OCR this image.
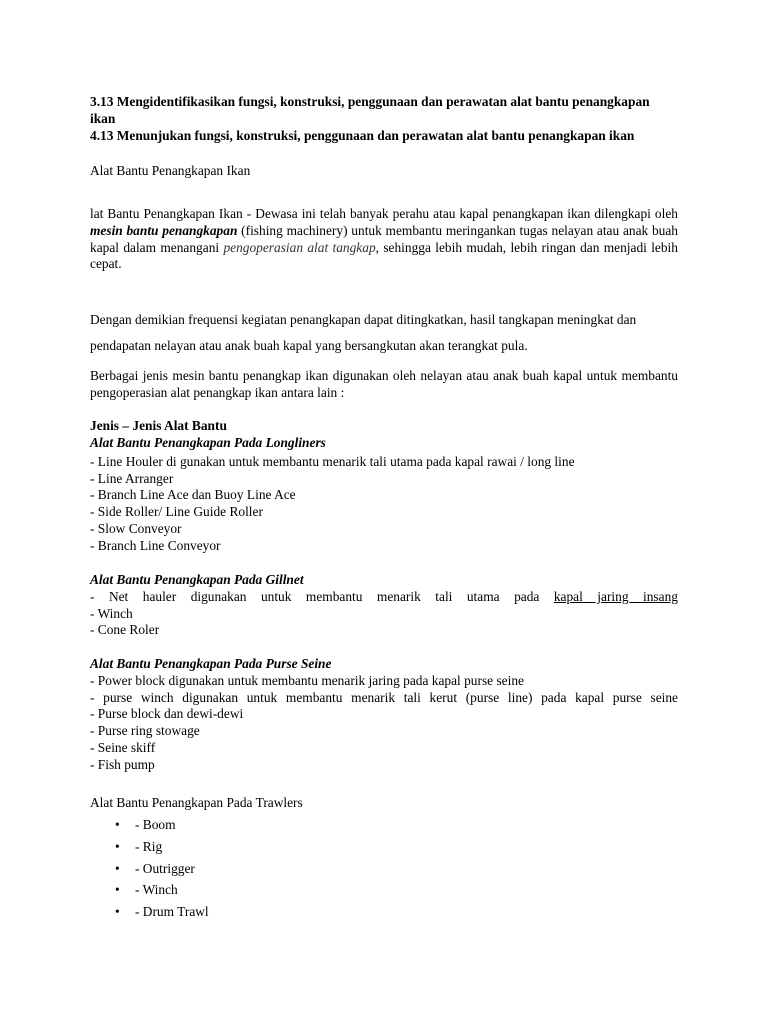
3.13 Mengidentifikasikan fungsi, konstruksi, penggunaan dan perawatan alat bantu penangkapan ikan
4.13 Menunjukan fungsi, konstruksi, penggunaan dan perawatan alat bantu penangkapan ikan
Alat Bantu Penangkapan Ikan
lat Bantu Penangkapan Ikan - Dewasa ini telah banyak perahu atau kapal penangkapan ikan dilengkapi oleh mesin bantu penangkapan (fishing machinery) untuk membantu meringankan tugas nelayan atau anak buah kapal dalam menangani pengoperasian alat tangkap, sehingga lebih mudah, lebih ringan dan menjadi lebih cepat.
Dengan demikian frequensi kegiatan penangkapan dapat ditingkatkan, hasil tangkapan meningkat dan
pendapatan nelayan atau anak buah kapal yang bersangkutan akan terangkat pula.
Berbagai jenis mesin bantu penangkap ikan digunakan oleh nelayan atau anak buah kapal untuk membantu pengoperasian alat penangkap ikan antara lain :
Jenis – Jenis Alat Bantu
Alat Bantu Penangkapan Pada Longliners
- Line Houler di gunakan untuk membantu menarik tali utama pada kapal rawai / long line
- Line Arranger
- Branch Line Ace dan Buoy Line Ace
- Side Roller/ Line Guide Roller
- Slow Conveyor
- Branch Line Conveyor
Alat Bantu Penangkapan Pada Gillnet
- Net hauler digunakan untuk membantu menarik tali utama pada kapal jaring insang
- Winch
- Cone Roler
Alat Bantu Penangkapan Pada Purse Seine
- Power block digunakan untuk membantu menarik jaring pada kapal purse seine
- purse winch digunakan untuk membantu menarik tali kerut (purse line) pada kapal purse seine
- Purse block dan dewi-dewi
- Purse ring stowage
- Seine skiff
- Fish pump
Alat Bantu Penangkapan Pada Trawlers
• - Boom
• - Rig
• - Outrigger
• - Winch
• - Drum Trawl
